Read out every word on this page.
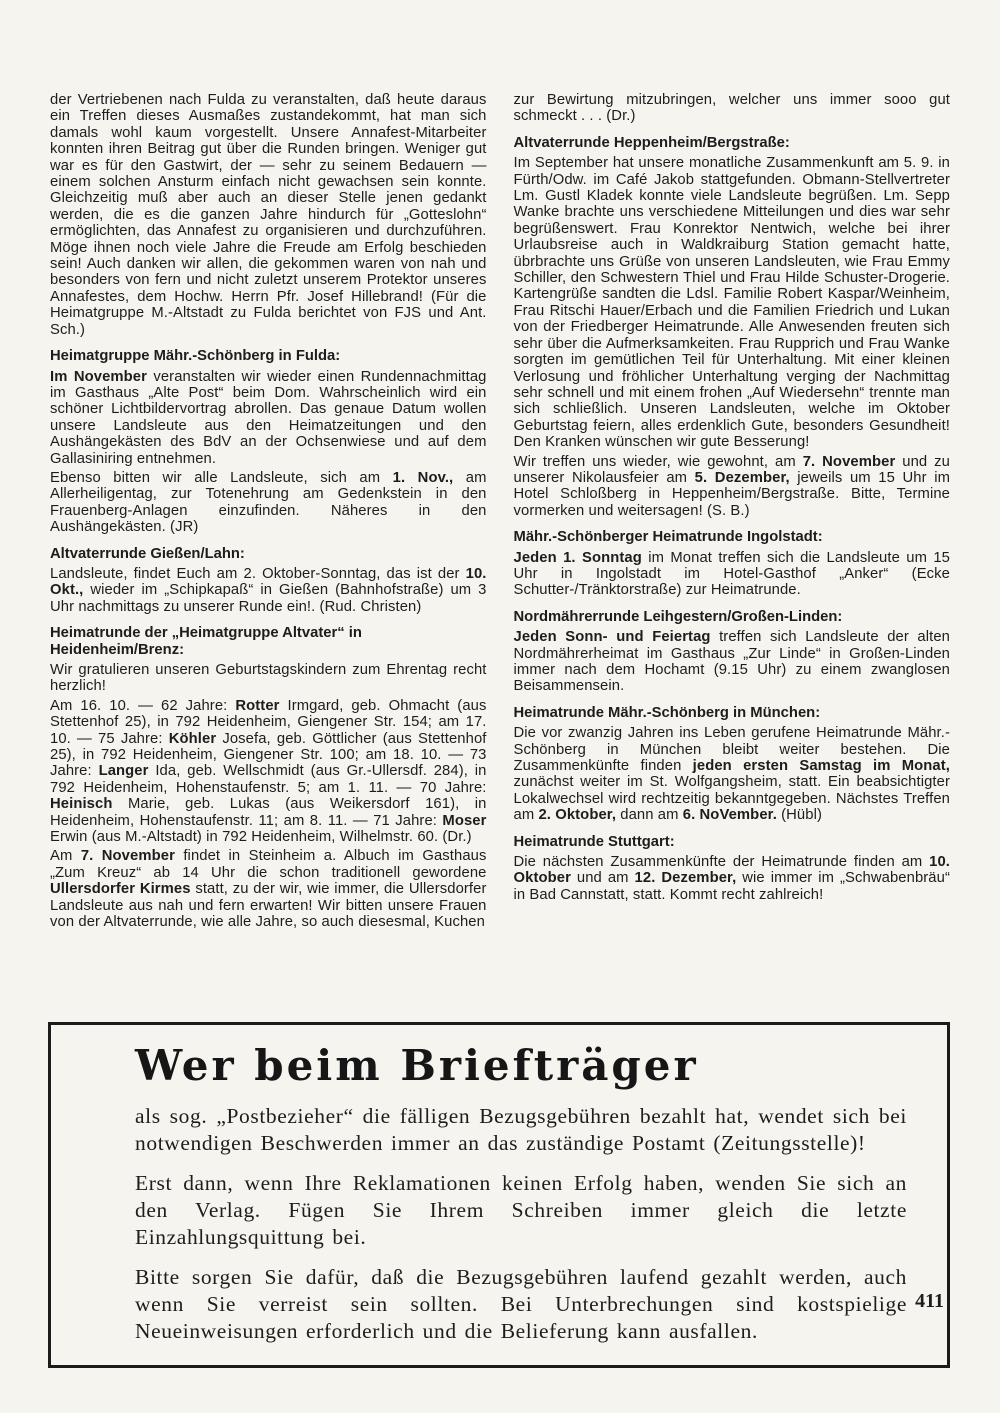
der Vertriebenen nach Fulda zu veranstalten, daß heute daraus ein Treffen dieses Ausmaßes zustandekommt, hat man sich damals wohl kaum vorgestellt. Unsere Annafest-Mitarbeiter konnten ihren Beitrag gut über die Runden bringen. Weniger gut war es für den Gastwirt, der — sehr zu seinem Bedauern — einem solchen Ansturm einfach nicht gewachsen sein konnte. Gleichzeitig muß aber auch an dieser Stelle jenen gedankt werden, die es die ganzen Jahre hindurch für „Gotteslohn“ ermöglichten, das Annafest zu organisieren und durchzuführen. Möge ihnen noch viele Jahre die Freude am Erfolg beschieden sein! Auch danken wir allen, die gekommen waren von nah und besonders von fern und nicht zuletzt unserem Protektor unseres Annafestes, dem Hochw. Herrn Pfr. Josef Hillebrand! (Für die Heimatgruppe M.-Altstadt zu Fulda berichtet von FJS und Ant. Sch.)
Heimatgruppe Mähr.-Schönberg in Fulda:
Im November veranstalten wir wieder einen Rundennachmittag im Gasthaus „Alte Post“ beim Dom. Wahrscheinlich wird ein schöner Lichtbildervortrag abrollen. Das genaue Datum wollen unsere Landsleute aus den Heimatzeitungen und den Aushängekästen des BdV an der Ochsenwiese und auf dem Gallasiniring entnehmen.
Ebenso bitten wir alle Landsleute, sich am 1. Nov., am Allerheiligentag, zur Totenehrung am Gedenkstein in den Frauenberg-Anlagen einzufinden. Näheres in den Aushängekästen. (JR)
Altvaterrunde Gießen/Lahn:
Landsleute, findet Euch am 2. Oktober-Sonntag, das ist der 10. Okt., wieder im „Schipkapaß“ in Gießen (Bahnhofstraße) um 3 Uhr nachmittags zu unserer Runde ein!. (Rud. Christen)
Heimatrunde der „Heimatgruppe Altvater“ in Heidenheim/Brenz:
Wir gratulieren unseren Geburtstagskindern zum Ehrentag recht herzlich!
Am 16. 10. — 62 Jahre: Rotter Irmgard, geb. Ohmacht (aus Stettenhof 25), in 792 Heidenheim, Giengener Str. 154; am 17. 10. — 75 Jahre: Köhler Josefa, geb. Göttlicher (aus Stettenhof 25), in 792 Heidenheim, Giengener Str. 100; am 18. 10. — 73 Jahre: Langer Ida, geb. Wellschmidt (aus Gr.-Ullersdf. 284), in 792 Heidenheim, Hohenstaufenstr. 5; am 1. 11. — 70 Jahre: Heinisch Marie, geb. Lukas (aus Weikersdorf 161), in Heidenheim, Hohenstaufenstr. 11; am 8. 11. — 71 Jahre: Moser Erwin (aus M.-Altstadt) in 792 Heidenheim, Wilhelmstr. 60. (Dr.)
Am 7. November findet in Steinheim a. Albuch im Gasthaus „Zum Kreuz“ ab 14 Uhr die schon traditionell gewordene Ullersdorfer Kirmes statt, zu der wir, wie immer, die Ullersdorfer Landsleute aus nah und fern erwarten! Wir bitten unsere Frauen von der Altvaterrunde, wie alle Jahre, so auch diesesmal, Kuchen
zur Bewirtung mitzubringen, welcher uns immer sooo gut schmeckt . . . (Dr.)
Altvaterrunde Heppenheim/Bergstraße:
Im September hat unsere monatliche Zusammenkunft am 5. 9. in Fürth/Odw. im Café Jakob stattgefunden. Obmann-Stellvertreter Lm. Gustl Kladek konnte viele Landsleute begrüßen. Lm. Sepp Wanke brachte uns verschiedene Mitteilungen und dies war sehr begrüßenswert. Frau Konrektor Nentwich, welche bei ihrer Urlaubsreise auch in Waldkraiburg Station gemacht hatte, übrbrachte uns Grüße von unseren Landsleuten, wie Frau Emmy Schiller, den Schwestern Thiel und Frau Hilde Schuster-Drogerie. Kartengrüße sandten die Ldsl. Familie Robert Kaspar/Weinheim, Frau Ritschi Hauer/Erbach und die Familien Friedrich und Lukan von der Friedberger Heimatrunde. Alle Anwesenden freuten sich sehr über die Aufmerksamkeiten. Frau Rupprich und Frau Wanke sorgten im gemütlichen Teil für Unterhaltung. Mit einer kleinen Verlosung und fröhlicher Unterhaltung verging der Nachmittag sehr schnell und mit einem frohen „Auf Wiedersehn“ trennte man sich schließlich. Unseren Landsleuten, welche im Oktober Geburtstag feiern, alles erdenklich Gute, besonders Gesundheit! Den Kranken wünschen wir gute Besserung!
Wir treffen uns wieder, wie gewohnt, am 7. November und zu unserer Nikolausfeier am 5. Dezember, jeweils um 15 Uhr im Hotel Schloßberg in Heppenheim/Bergstraße. Bitte, Termine vormerken und weitersagen! (S. B.)
Mähr.-Schönberger Heimatrunde Ingolstadt:
Jeden 1. Sonntag im Monat treffen sich die Landsleute um 15 Uhr in Ingolstadt im Hotel-Gasthof „Anker“ (Ecke Schutter-/Tränktorstraße) zur Heimatrunde.
Nordmährerrunde Leihgestern/Großen-Linden:
Jeden Sonn- und Feiertag treffen sich Landsleute der alten Nordmährerheimat im Gasthaus „Zur Linde“ in Großen-Linden immer nach dem Hochamt (9.15 Uhr) zu einem zwanglosen Beisammensein.
Heimatrunde Mähr.-Schönberg in München:
Die vor zwanzig Jahren ins Leben gerufene Heimatrunde Mähr.-Schönberg in München bleibt weiter bestehen. Die Zusammenkünfte finden jeden ersten Samstag im Monat, zunächst weiter im St. Wolfgangsheim, statt. Ein beabsichtigter Lokalwechsel wird rechtzeitig bekanntgegeben. Nächstes Treffen am 2. Oktober, dann am 6. NoVember. (Hübl)
Heimatrunde Stuttgart:
Die nächsten Zusammenkünfte der Heimatrunde finden am 10. Oktober und am 12. Dezember, wie immer im „Schwabenbräu“ in Bad Cannstatt, statt. Kommt recht zahlreich!
Wer beim Briefträger

als sog. „Postbezieher“ die fälligen Bezugsgebühren bezahlt hat, wendet sich bei notwendigen Beschwerden immer an das zuständige Postamt (Zeitungsstelle)!

Erst dann, wenn Ihre Reklamationen keinen Erfolg haben, wenden Sie sich an den Verlag. Fügen Sie Ihrem Schreiben immer gleich die letzte Einzahlungsquittung bei.

Bitte sorgen Sie dafür, daß die Bezugsgebühren laufend gezahlt werden, auch wenn Sie verreist sein sollten. Bei Unterbrechungen sind kostspielige Neueinweisungen erforderlich und die Belieferung kann ausfallen.

411
